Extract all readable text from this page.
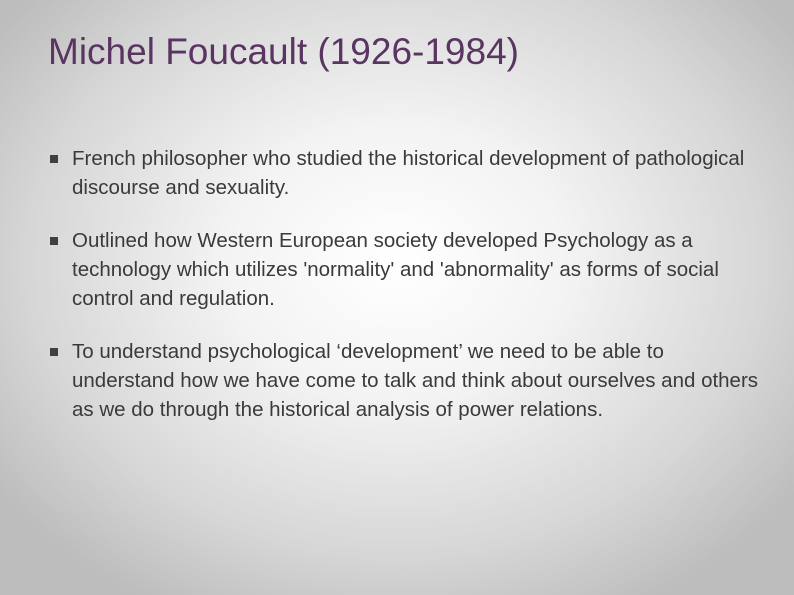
Michel Foucault (1926-1984)
French philosopher who studied the historical development of pathological discourse and sexuality.
Outlined how Western European society developed Psychology as a technology which utilizes 'normality' and 'abnormality' as forms of social control and regulation.
To understand psychological ‘development’ we need to be able to understand how we have come to talk and think about ourselves and others as we do through the historical analysis of power relations.
